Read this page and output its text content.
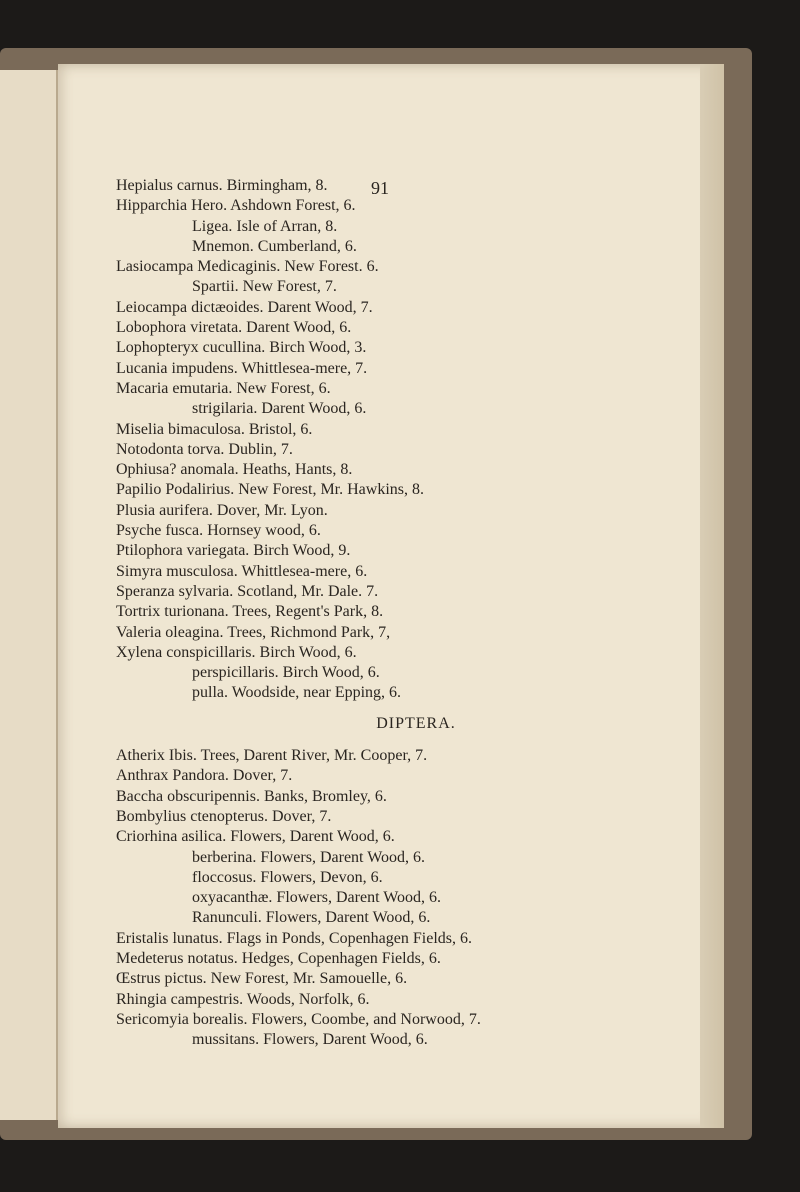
91
Hepialus carnus. Birmingham, 8.
Hipparchia Hero. Ashdown Forest, 6.
Ligea. Isle of Arran, 8.
Mnemon. Cumberland, 6.
Lasiocampa Medicaginis. New Forest. 6.
Spartii. New Forest, 7.
Leiocampa dictæoides. Darent Wood, 7.
Lobophora viretata. Darent Wood, 6.
Lophopteryx cucullina. Birch Wood, 3.
Lucania impudens. Whittlesea-mere, 7.
Macaria emutaria. New Forest, 6.
strigilaria. Darent Wood, 6.
Miselia bimaculosa. Bristol, 6.
Notodonta torva. Dublin, 7.
Ophiusa? anomala. Heaths, Hants, 8.
Papilio Podalirius. New Forest, Mr. Hawkins, 8.
Plusia aurifera. Dover, Mr. Lyon.
Psyche fusca. Hornsey wood, 6.
Ptilophora variegata. Birch Wood, 9.
Simyra musculosa. Whittlesea-mere, 6.
Speranza sylvaria. Scotland, Mr. Dale. 7.
Tortrix turionana. Trees, Regent's Park, 8.
Valeria oleagina. Trees, Richmond Park, 7,
Xylena conspicillaris. Birch Wood, 6.
perspicillaris. Birch Wood, 6.
pulla. Woodside, near Epping, 6.
DIPTERA.
Atherix Ibis. Trees, Darent River, Mr. Cooper, 7.
Anthrax Pandora. Dover, 7.
Baccha obscuripennis. Banks, Bromley, 6.
Bombylius ctenopterus. Dover, 7.
Criorhina asilica. Flowers, Darent Wood, 6.
berberina. Flowers, Darent Wood, 6.
floccosus. Flowers, Devon, 6.
oxyacanthæ. Flowers, Darent Wood, 6.
Ranunculi. Flowers, Darent Wood, 6.
Eristalis lunatus. Flags in Ponds, Copenhagen Fields, 6.
Medeterus notatus. Hedges, Copenhagen Fields, 6.
Œstrus pictus. New Forest, Mr. Samouelle, 6.
Rhingia campestris. Woods, Norfolk, 6.
Sericomyia borealis. Flowers, Coombe, and Norwood, 7.
mussitans. Flowers, Darent Wood, 6.
